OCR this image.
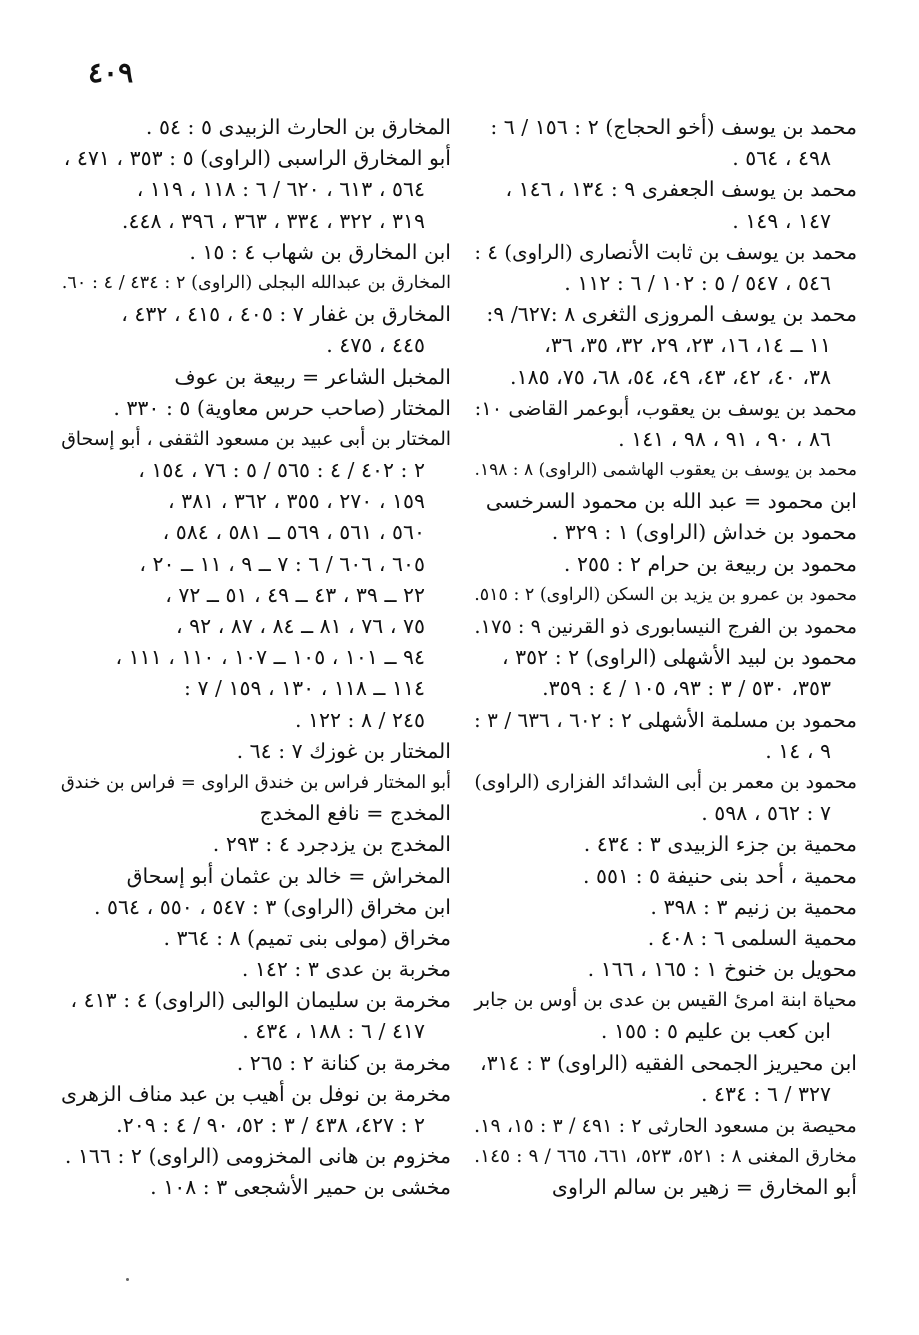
٤٠٩
محمد بن يوسف (أخو الحجاج) ٢ : ١٥٦ / ٦ :
٤٩٨ ، ٥٦٤ .
محمد بن يوسف الجعفرى ٩ : ١٣٤ ، ١٤٦ ،
١٤٧ ، ١٤٩ .
محمد بن يوسف بن ثابت الأنصارى (الراوى) ٤ :
٥٤٦ ، ٥٤٧ / ٥ : ١٠٢ / ٦ : ١١٢ .
محمد بن يوسف المروزى الثغرى ٨ :٦٢٧/ ٩:
١١ ــ ١٤، ١٦، ٢٣، ٢٩، ٣٢، ٣٥، ٣٦،
٣٨، ٤٠، ٤٢، ٤٣، ٤٩، ٥٤، ٦٨، ٧٥، ١٨٥.
محمد بن يوسف بن يعقوب، أبوعمر القاضى ١٠:
٨٦ ، ٩٠ ، ٩١ ، ٩٨ ، ١٤١ .
محمد بن يوسف بن يعقوب الهاشمى (الراوى) ٨ : ١٩٨.
ابن محمود = عبد الله بن محمود السرخسى
محمود بن خداش (الراوى) ١ : ٣٢٩ .
محمود بن ربيعة بن حرام ٢ : ٢٥٥ .
محمود بن عمرو بن يزيد بن السكن (الراوى) ٢ : ٥١٥.
محمود بن الفرج النيسابورى ذو القرنين ٩ : ١٧٥.
محمود بن لبيد الأشهلى (الراوى) ٢ : ٣٥٢ ،
٣٥٣، ٥٣٠ / ٣ : ٩٣، ١٠٥ / ٤ : ٣٥٩.
محمود بن مسلمة الأشهلى ٢ : ٦٠٢ ، ٦٣٦ / ٣ :
٩ ، ١٤ .
محمود بن معمر بن أبى الشدائد الفزارى (الراوى)
٧ : ٥٦٢ ، ٥٩٨ .
محمية بن جزء الزبيدى ٣ : ٤٣٤ .
محمية ، أحد بنى حنيفة ٥ : ٥٥١ .
محمية بن زنيم ٣ : ٣٩٨ .
محمية السلمى ٦ : ٤٠٨ .
محويل بن خنوخ ١ : ١٦٥ ، ١٦٦ .
محياة ابنة امرئ القيس بن عدى بن أوس بن جابر
ابن كعب بن عليم ٥ : ١٥٥ .
ابن محيريز الجمحى الفقيه (الراوى) ٣ : ٣١٤،
٣٢٧ / ٦ : ٤٣٤ .
محيصة بن مسعود الحارثى ٢ : ٤٩١ / ٣ : ١٥، ١٩.
مخارق المغنى ٨ : ٥٢١، ٥٢٣، ٦٦١، ٦٦٥ / ٩ : ١٤٥.
أبو المخارق = زهير بن سالم الراوى
المخارق بن الحارث الزبيدى ٥ : ٥٤ .
أبو المخارق الراسبى (الراوى) ٥ : ٣٥٣ ، ٤٧١ ،
٥٦٤ ، ٦١٣ ، ٦٢٠ / ٦ : ١١٨ ، ١١٩ ،
٣١٩ ، ٣٢٢ ، ٣٣٤ ، ٣٦٣ ، ٣٩٦ ، ٤٤٨.
ابن المخارق بن شهاب ٤ : ١٥ .
المخارق بن عبدالله البجلى (الراوى) ٢ : ٤٣٤ / ٤ : ٦٠.
المخارق بن غفار ٧ : ٤٠٥ ، ٤١٥ ، ٤٣٢ ،
٤٤٥ ، ٤٧٥ .
المخبل الشاعر = ربيعة بن عوف
المختار (صاحب حرس معاوية) ٥ : ٣٣٠ .
المختار بن أبى عبيد بن مسعود الثقفى ، أبو إسحاق
٢ : ٤٠٢ / ٤ : ٥٦٥ / ٥ : ٧٦ ، ١٥٤ ،
١٥٩ ، ٢٧٠ ، ٣٥٥ ، ٣٦٢ ، ٣٨١ ،
٥٦٠ ، ٥٦١ ، ٥٦٩ ــ ٥٨١ ، ٥٨٤ ،
٦٠٥ ، ٦٠٦ / ٦ : ٧ ــ ٩ ، ١١ ــ ٢٠ ،
٢٢ ــ ٣٩ ، ٤٣ ــ ٤٩ ، ٥١ ــ ٧٢ ،
٧٥ ، ٧٦ ، ٨١ ــ ٨٤ ، ٨٧ ، ٩٢ ،
٩٤ ــ ١٠١ ، ١٠٥ ــ ١٠٧ ، ١١٠ ، ١١١ ،
١١٤ ــ ١١٨ ، ١٣٠ ، ١٥٩ / ٧ :
٢٤٥ / ٨ : ١٢٢ .
المختار بن غوزك ٧ : ٦٤ .
أبو المختار فراس بن خندق الراوى = فراس بن خندق
المخدج = نافع المخدج
المخدج بن يزدجرد ٤ : ٢٩٣ .
المخراش = خالد بن عثمان أبو إسحاق
ابن مخراق (الراوى) ٣ : ٥٤٧ ، ٥٥٠ ، ٥٦٤ .
مخراق (مولى بنى تميم) ٨ : ٣٦٤ .
مخربة بن عدى ٣ : ١٤٢ .
مخرمة بن سليمان الوالبى (الراوى) ٤ : ٤١٣ ،
٤١٧ / ٦ : ١٨٨ ، ٤٣٤ .
مخرمة بن كنانة ٢ : ٢٦٥ .
مخرمة بن نوفل بن أهيب بن عبد مناف الزهرى
٢ : ٤٢٧، ٤٣٨ / ٣ : ٥٢، ٩٠ / ٤ : ٢٠٩.
مخزوم بن هانى المخزومى (الراوى) ٢ : ١٦٦ .
مخشى بن حمير الأشجعى ٣ : ١٠٨ .
